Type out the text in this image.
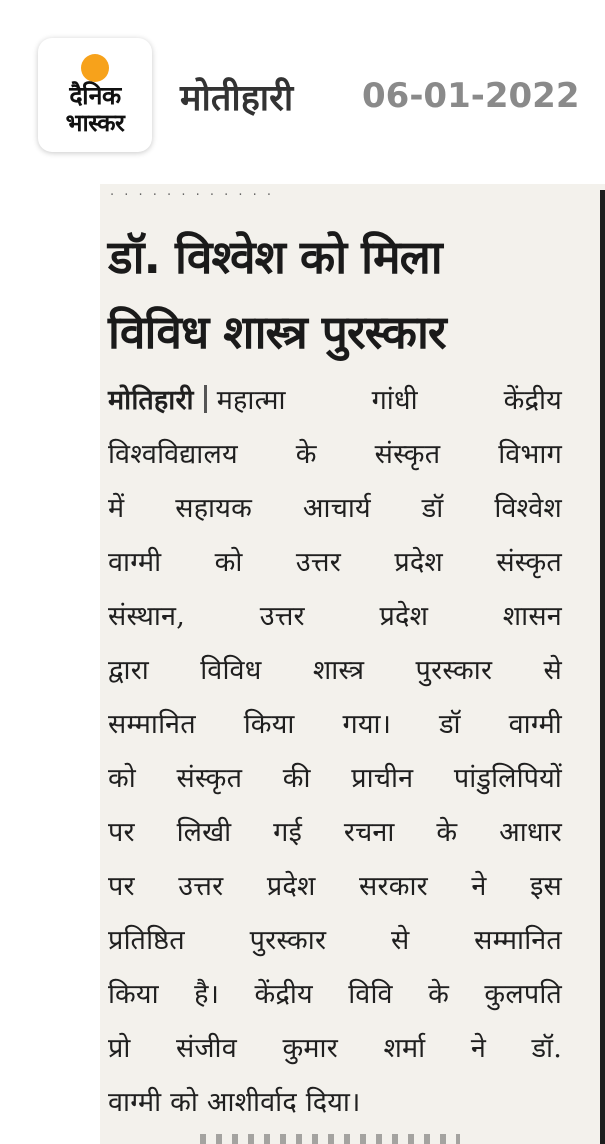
दैनिक
भास्कर
मोतीहारी 06-01-2022
. . . . . . . . . . . .
डॉ. विश्वेश को मिला
विविध शास्त्र पुरस्कार
मोतिहारी महात्मा गांधी केंद्रीय
विश्वविद्यालय के संस्कृत विभाग
में सहायक आचार्य डॉ विश्वेश
वाग्मी को उत्तर प्रदेश संस्कृत
संस्थान, उत्तर प्रदेश शासन
द्वारा विविध शास्त्र पुरस्कार से
सम्मानित किया गया। डॉ वाग्मी
को संस्कृत की प्राचीन पांडुलिपियों
पर लिखी गई रचना के आधार
पर उत्तर प्रदेश सरकार ने इस
प्रतिष्ठित पुरस्कार से सम्मानित
किया है। केंद्रीय विवि के कुलपति
प्रो संजीव कुमार शर्मा ने डॉ.
वाग्मी को आशीर्वाद दिया।
